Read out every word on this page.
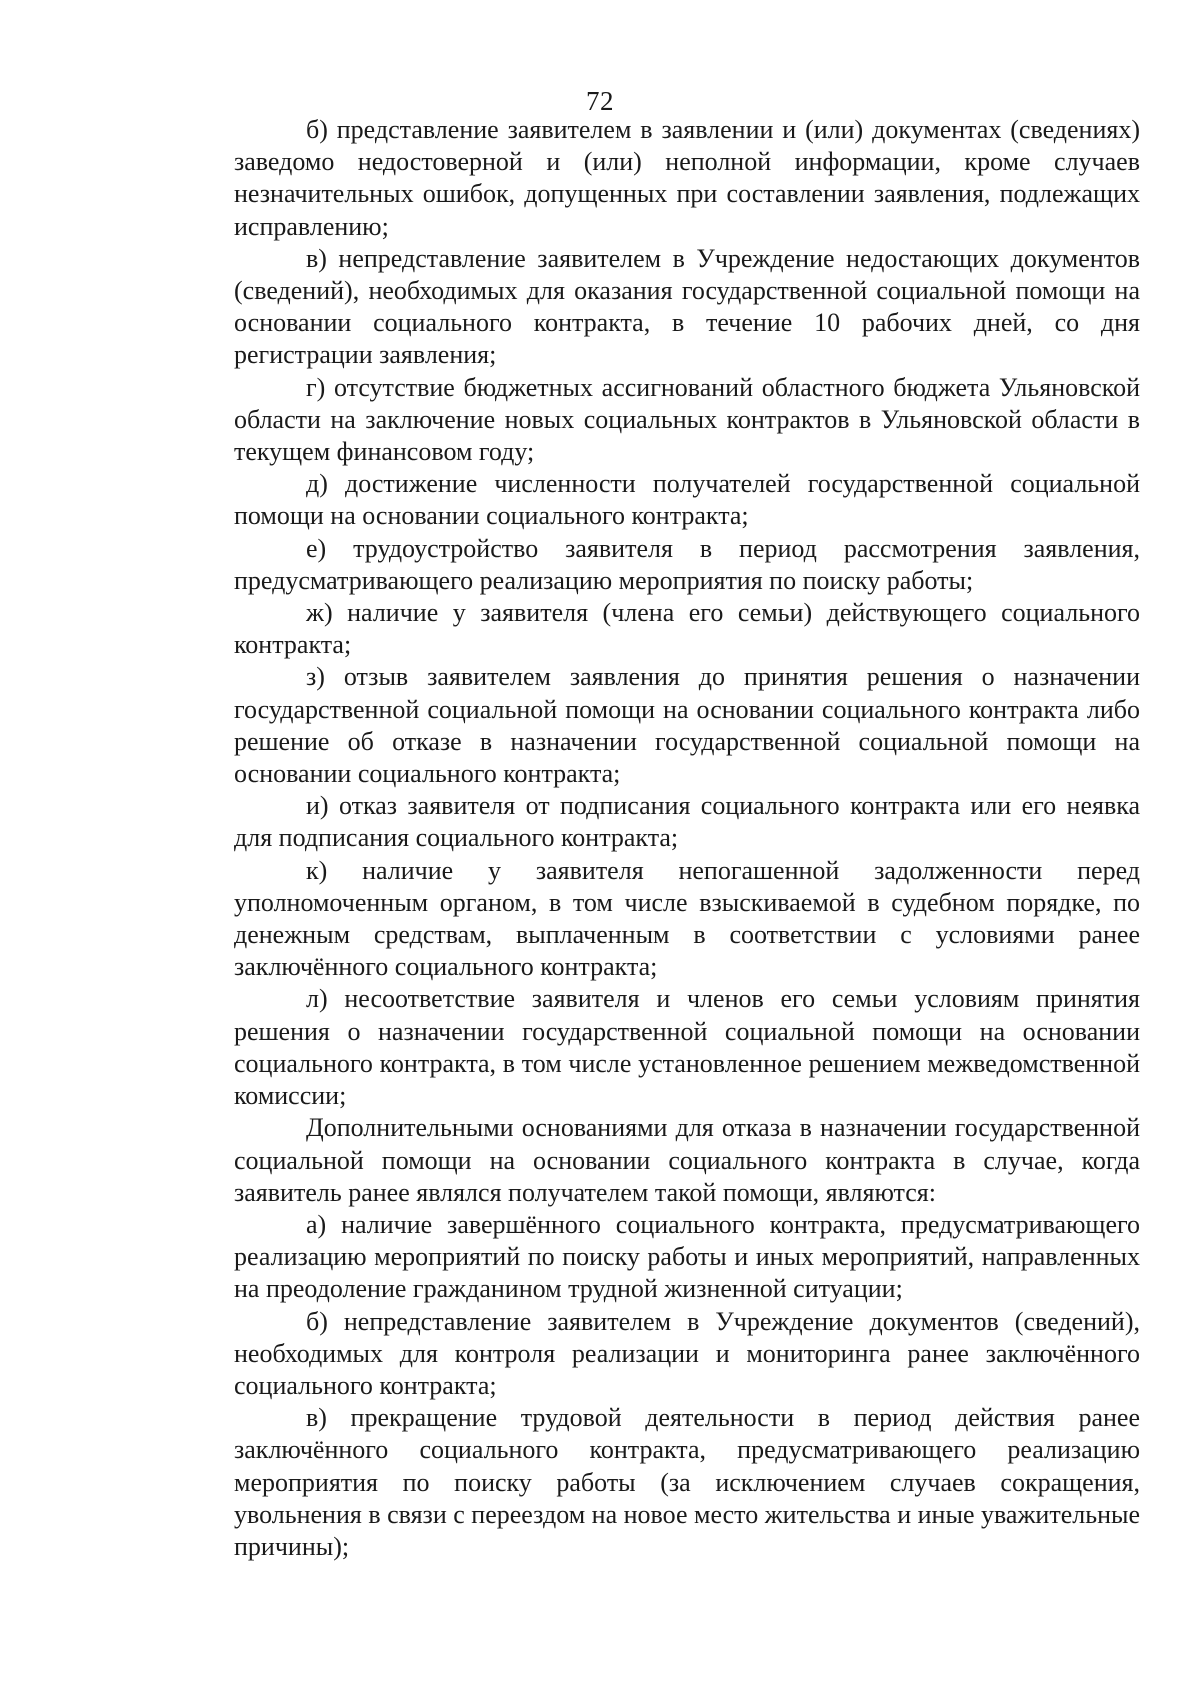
72

б) представление заявителем в заявлении и (или) документах (сведениях) заведомо недостоверной и (или) неполной информации, кроме случаев незначительных ошибок, допущенных при составлении заявления, подлежащих исправлению;

в) непредставление заявителем в Учреждение недостающих документов (сведений), необходимых для оказания государственной социальной помощи на основании социального контракта, в течение 10 рабочих дней, со дня регистрации заявления;

г) отсутствие бюджетных ассигнований областного бюджета Ульяновской области на заключение новых социальных контрактов в Ульяновской области в текущем финансовом году;

д) достижение численности получателей государственной социальной помощи на основании социального контракта;

е) трудоустройство заявителя в период рассмотрения заявления, предусматривающего реализацию мероприятия по поиску работы;

ж) наличие у заявителя (члена его семьи) действующего социального контракта;

з) отзыв заявителем заявления до принятия решения о назначении государственной социальной помощи на основании социального контракта либо решение об отказе в назначении государственной социальной помощи на основании социального контракта;

и) отказ заявителя от подписания социального контракта или его неявка для подписания социального контракта;

к) наличие у заявителя непогашенной задолженности перед уполномоченным органом, в том числе взыскиваемой в судебном порядке, по денежным средствам, выплаченным в соответствии с условиями ранее заключённого социального контракта;

л) несоответствие заявителя и членов его семьи условиям принятия решения о назначении государственной социальной помощи на основании социального контракта, в том числе установленное решением межведомственной комиссии;

Дополнительными основаниями для отказа в назначении государственной социальной помощи на основании социального контракта в случае, когда заявитель ранее являлся получателем такой помощи, являются:

а) наличие завершённого социального контракта, предусматривающего реализацию мероприятий по поиску работы и иных мероприятий, направленных на преодоление гражданином трудной жизненной ситуации;

б) непредставление заявителем в Учреждение документов (сведений), необходимых для контроля реализации и мониторинга ранее заключённого социального контракта;

в) прекращение трудовой деятельности в период действия ранее заключённого социального контракта, предусматривающего реализацию мероприятия по поиску работы (за исключением случаев сокращения, увольнения в связи с переездом на новое место жительства и иные уважительные причины);
